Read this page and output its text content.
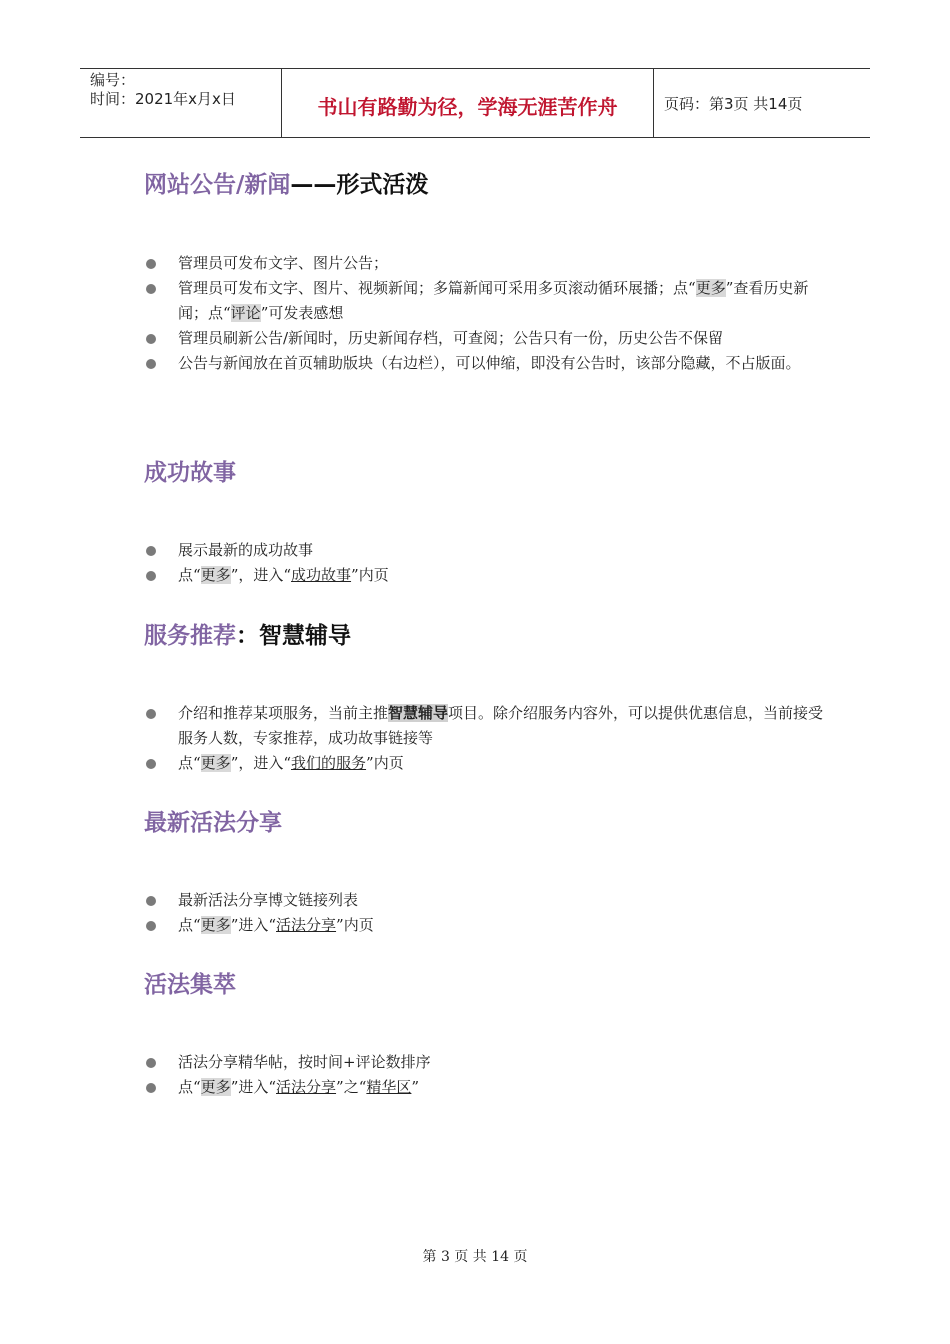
编号：
时间：2021年x月x日	书山有路勤为径，学海无涯苦作舟	页码：第3页 共14页
网站公告/新闻——形式活泼
管理员可发布文字、图片公告；
管理员可发布文字、图片、视频新闻；多篇新闻可采用多页滚动循环展播；点“更多”查看历史新闻；点“评论”可发表感想
管理员刷新公告/新闻时，历史新闻存档，可查阅；公告只有一份，历史公告不保留
公告与新闻放在首页辅助版块（右边栏），可以伸缩，即没有公告时，该部分隐藏，不占版面。
成功故事
展示最新的成功故事
点“更多”，进入“成功故事”内页
服务推荐：智慧辅导
介绍和推荐某项服务，当前主推智慧辅导项目。除介绍服务内容外，可以提供优惠信息，当前接受服务人数，专家推荐，成功故事链接等
点“更多”，进入“我们的服务”内页
最新活法分享
最新活法分享博文链接列表
点“更多”进入“活法分享”内页
活法集萃
活法分享精华帖，按时间+评论数排序
点“更多”进入“活法分享”之“精华区”
第 3 页 共 14 页
